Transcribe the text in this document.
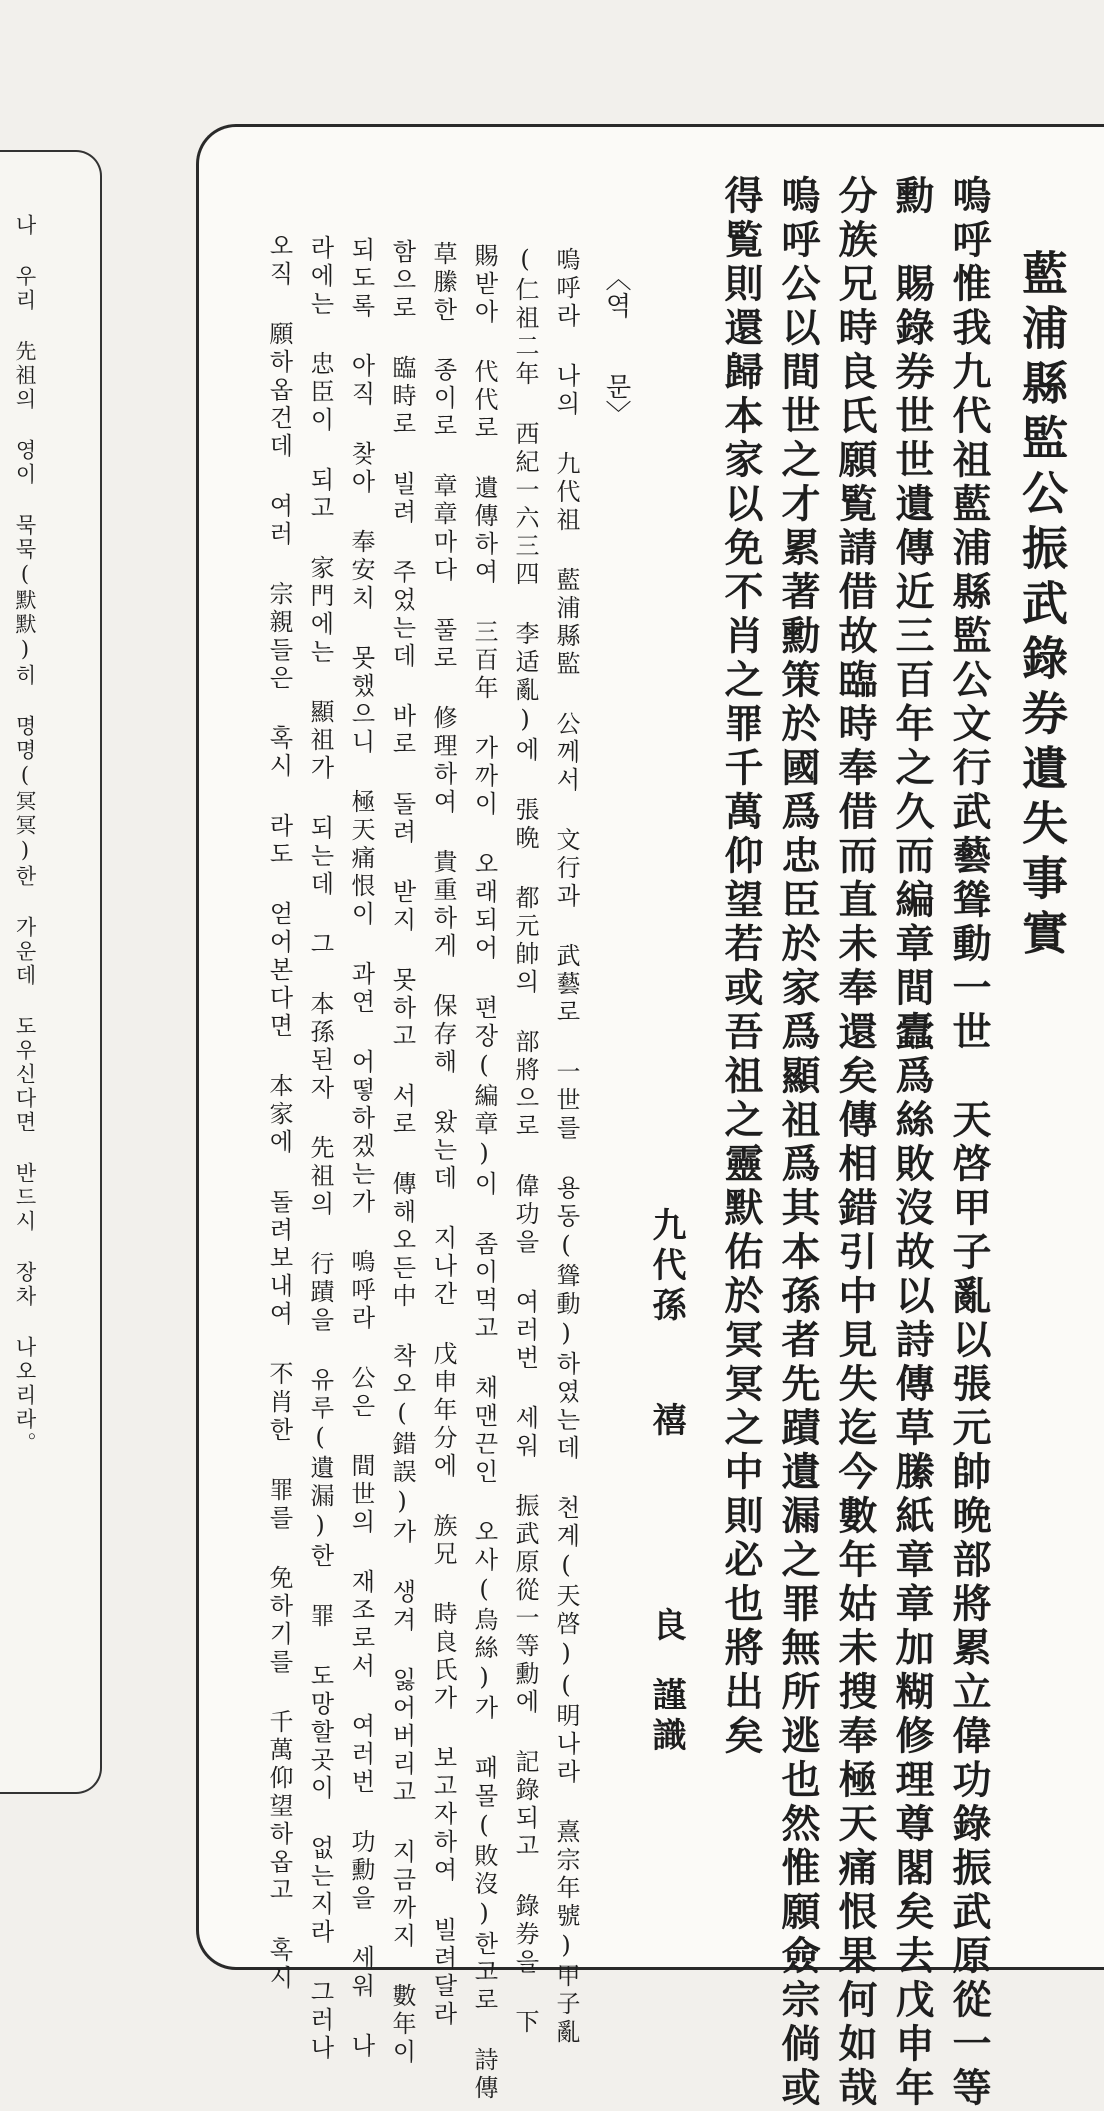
나 우리 先祖의 영이 묵묵(默默)히 명명(冥冥)한 가운데 도우신다면 반드시 장차 나오리라。	藍浦縣監公振武錄券遺失事實
嗚呼惟我九代祖藍浦縣監公文行武藝聳動一世　天啓甲子亂以張元帥晩部將累立偉功錄振武原從一等
勳　賜錄券世世遺傳近三百年之久而編章間蠹爲絲敗沒故以詩傳草縢紙章章加糊修理尊閣矣去戊申年
分族兄時良氏願覧請借故臨時奉借而直未奉還矣傳相錯引中見失迄今數年姑未搜奉極天痛恨果何如哉
嗚呼公以間世之才累著勳策於國爲忠臣於家爲顯祖爲其本孫者先蹟遺漏之罪無所逃也然惟願僉宗倘或
得覧則還歸本家以免不肖之罪千萬仰望若或吾祖之靈默佑於冥冥之中則必也將出矣
九代孫
禧
良
謹識
〈역　　문〉
嗚呼라 나의 九代祖 藍浦縣監 公께서 文行과 武藝로 一世를 용동(聳動)하였는데 천계(天啓)(明나라 熹宗年號)甲子亂
(仁祖二年 西紀一六三四 李适亂)에 張晩 都元帥의 部將으로 偉功을 여러번 세워 振武原從一等勳에 記錄되고 錄券을 下
賜받아 代代로 遺傳하여 三百年 가까이 오래되어 편장(編章)이 좀이먹고 채맨끈인 오사(烏絲)가 패몰(敗沒)한고로 詩傳
草縢한 종이로 章章마다 풀로 修理하여 貴重하게 保存해 왔는데 지나간 戊申年分에 族兄 時良氏가 보고자하여 빌려달라
함으로 臨時로 빌려 주었는데 바로 돌려 받지 못하고 서로 傳해오든中 착오(錯誤)가 생겨 잃어버리고 지금까지 數年이
되도록 아직 찾아 奉安치 못했으니 極天痛恨이 과연 어떻하겠는가 嗚呼라 公은 間世의 재조로서 여러번 功勳을 세워 나
라에는 忠臣이 되고 家門에는 顯祖가 되는데 그 本孫된자 先祖의 行蹟을 유루(遺漏)한 罪 도망할곳이 없는지라 그러나
오직 願하옵건데 여러 宗親들은 혹시 라도 얻어본다면 本家에 돌려보내여 不肖한 罪를 免하기를 千萬仰望하옵고 혹시
